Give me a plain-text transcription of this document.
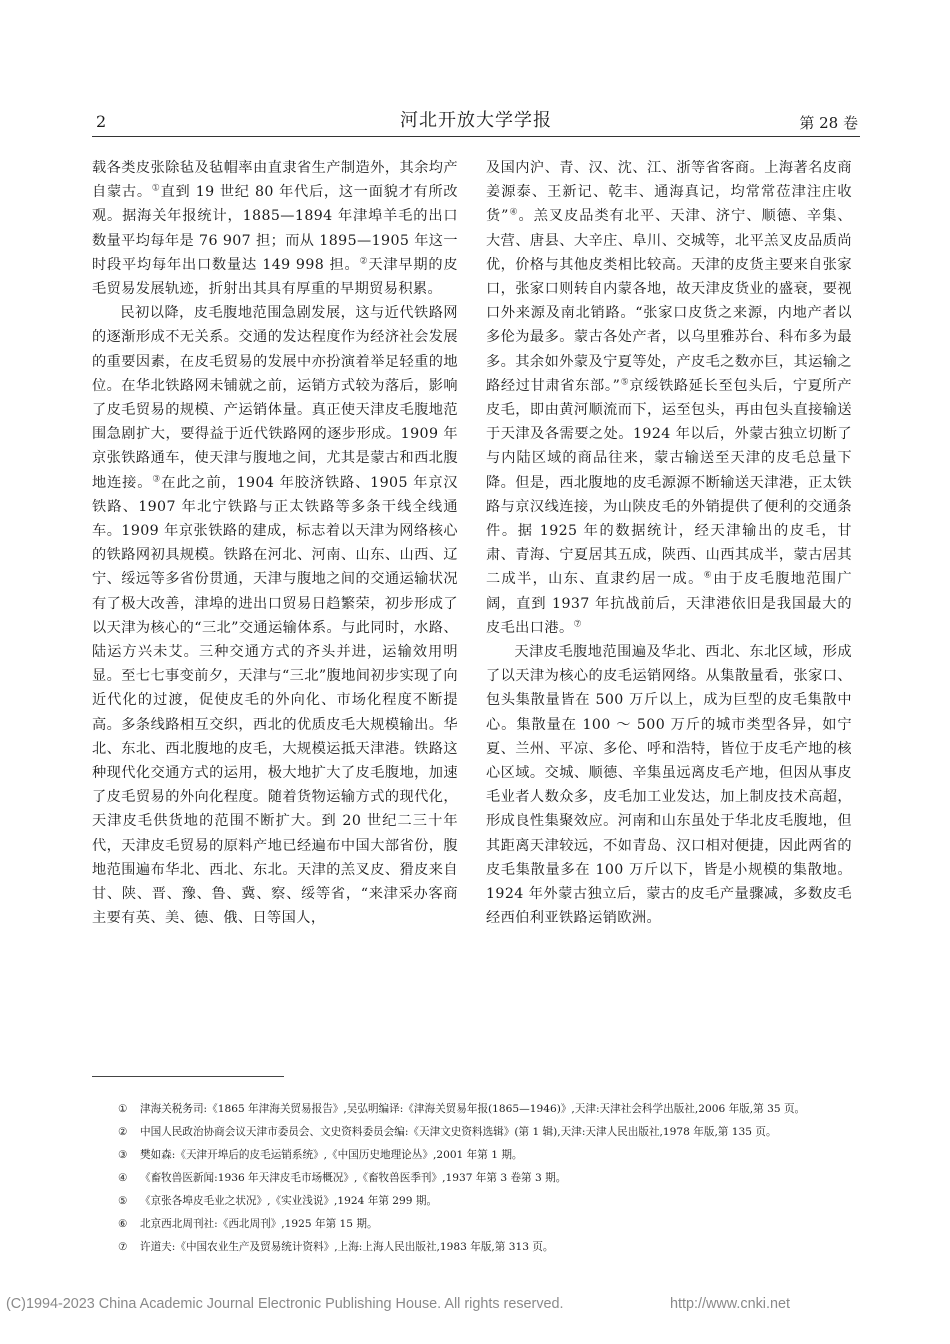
2	河北开放大学学报	第 28 卷

载各类皮张除毡及毡帽率由直隶省生产制造外，其余均产自蒙古。①直到 19 世纪 80 年代后，这一面貌才有所改观。据海关年报统计，1885—1894 年津埠羊毛的出口数量平均每年是 76 907 担；而从 1895—1905 年这一时段平均每年出口数量达 149 998 担。②天津早期的皮毛贸易发展轨迹，折射出其具有厚重的早期贸易积累。

民初以降，皮毛腹地范围急剧发展，这与近代铁路网的逐渐形成不无关系。交通的发达程度作为经济社会发展的重要因素，在皮毛贸易的发展中亦扮演着举足轻重的地位。在华北铁路网未铺就之前，运销方式较为落后，影响了皮毛贸易的规模、产运销体量。真正使天津皮毛腹地范围急剧扩大，要得益于近代铁路网的逐步形成。1909 年京张铁路通车，使天津与腹地之间，尤其是蒙古和西北腹地连接。③在此之前，1904 年胶济铁路、1905 年京汉铁路、1907 年北宁铁路与正太铁路等多条干线全线通车。1909 年京张铁路的建成，标志着以天津为网络核心的铁路网初具规模。铁路在河北、河南、山东、山西、辽宁、绥远等多省份贯通，天津与腹地之间的交通运输状况有了极大改善，津埠的进出口贸易日趋繁荣，初步形成了以天津为核心的“三北”交通运输体系。与此同时，水路、陆运方兴未艾。三种交通方式的齐头并进，运输效用明显。至七七事变前夕，天津与“三北”腹地间初步实现了向近代化的过渡，促使皮毛的外向化、市场化程度不断提高。多条线路相互交织，西北的优质皮毛大规模输出。华北、东北、西北腹地的皮毛，大规模运抵天津港。铁路这种现代化交通方式的运用，极大地扩大了皮毛腹地，加速了皮毛贸易的外向化程度。随着货物运输方式的现代化，天津皮毛供货地的范围不断扩大。到 20 世纪二三十年代，天津皮毛贸易的原料产地已经遍布中国大部省份，腹地范围遍布华北、西北、东北。天津的羔叉皮、猾皮来自甘、陕、晋、豫、鲁、冀、察、绥等省，“来津采办客商主要有英、美、德、俄、日等国人，

及国内沪、青、汉、沈、江、浙等省客商。上海著名皮商姜源泰、王新记、乾丰、通海真记，均常常莅津注庄收货”④。羔叉皮品类有北平、天津、济宁、顺德、辛集、大营、唐县、大辛庄、阜川、交城等，北平羔叉皮品质尚优，价格与其他皮类相比较高。天津的皮货主要来自张家口，张家口则转自内蒙各地，故天津皮货业的盛衰，要视口外来源及南北销路。“张家口皮货之来源，内地产者以多伦为最多。蒙古各处产者，以乌里雅苏台、科布多为最多。其余如外蒙及宁夏等处，产皮毛之数亦巨，其运输之路经过甘肃省东部。”⑤京绥铁路延长至包头后，宁夏所产皮毛，即由黄河顺流而下，运至包头，再由包头直接输送于天津及各需要之处。1924 年以后，外蒙古独立切断了与内陆区域的商品往来，蒙古输送至天津的皮毛总量下降。但是，西北腹地的皮毛源源不断输送天津港，正太铁路与京汉线连接，为山陕皮毛的外销提供了便利的交通条件。据 1925 年的数据统计，经天津输出的皮毛，甘肃、青海、宁夏居其五成，陕西、山西其成半，蒙古居其二成半，山东、直隶约居一成。⑥由于皮毛腹地范围广阔，直到 1937 年抗战前后，天津港依旧是我国最大的皮毛出口港。⑦

天津皮毛腹地范围遍及华北、西北、东北区域，形成了以天津为核心的皮毛运销网络。从集散量看，张家口、包头集散量皆在 500 万斤以上，成为巨型的皮毛集散中心。集散量在 100 ～ 500 万斤的城市类型各异，如宁夏、兰州、平凉、多伦、呼和浩特，皆位于皮毛产地的核心区域。交城、顺德、辛集虽远离皮毛产地，但因从事皮毛业者人数众多，皮毛加工业发达，加上制皮技术高超，形成良性集聚效应。河南和山东虽处于华北皮毛腹地，但其距离天津较远，不如青岛、汉口相对便捷，因此两省的皮毛集散量多在 100 万斤以下，皆是小规模的集散地。1924 年外蒙古独立后，蒙古的皮毛产量骤减，多数皮毛经西伯利亚铁路运销欧洲。

① 津海关税务司:《1865 年津海关贸易报告》,吴弘明编译:《津海关贸易年报(1865—1946)》,天津:天津社会科学出版社,2006 年版,第 35 页。
② 中国人民政治协商会议天津市委员会、文史资料委员会编:《天津文史资料选辑》(第 1 辑),天津:天津人民出版社,1978 年版,第 135 页。
③ 樊如森:《天津开埠后的皮毛运销系统》,《中国历史地理论丛》,2001 年第 1 期。
④ 《畜牧兽医新闻:1936 年天津皮毛市场概况》,《畜牧兽医季刊》,1937 年第 3 卷第 3 期。
⑤ 《京张各埠皮毛业之状况》,《实业浅说》,1924 年第 299 期。
⑥ 北京西北周刊社:《西北周刊》,1925 年第 15 期。
⑦ 许道夫:《中国农业生产及贸易统计资料》,上海:上海人民出版社,1983 年版,第 313 页。
(C)1994-2023 China Academic Journal Electronic Publishing House. All rights reserved.	http://www.cnki.net
